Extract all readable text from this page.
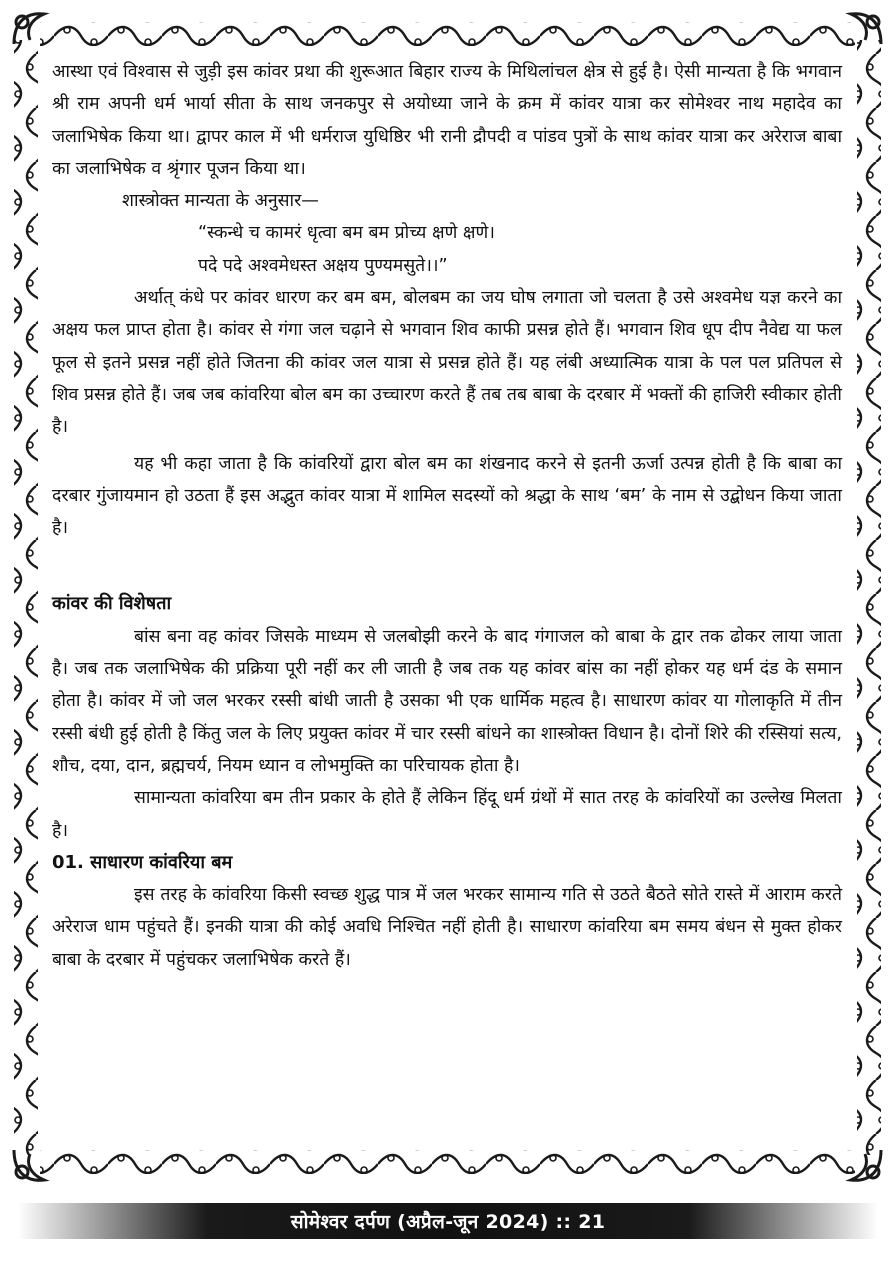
आस्था एवं विश्वास से जुड़ी इस कांवर प्रथा की शुरूआत बिहार राज्य के मिथिलांचल क्षेत्र से हुई है। ऐसी मान्यता है कि भगवान श्री राम अपनी धर्म भार्या सीता के साथ जनकपुर से अयोध्या जाने के क्रम में कांवर यात्रा कर सोमेश्वर नाथ महादेव का जलाभिषेक किया था। द्वापर काल में भी धर्मराज युधिष्ठिर भी रानी द्रौपदी व पांडव पुत्रों के साथ कांवर यात्रा कर अरेराज बाबा का जलाभिषेक व श्रृंगार पूजन किया था।

शास्त्रोक्त मान्यता के अनुसार—

“स्कन्धे च कामरं धृत्वा बम बम प्रोच्य क्षणे क्षणे।

पदे पदे अश्वमेधस्त अक्षय पुण्यमसुते।।”

अर्थात् कंधे पर कांवर धारण कर बम बम, बोलबम का जय घोष लगाता जो चलता है उसे अश्वमेध यज्ञ करने का अक्षय फल प्राप्त होता है। कांवर से गंगा जल चढ़ाने से भगवान शिव काफी प्रसन्न होते हैं। भगवान शिव धूप दीप नैवेद्य या फल फूल से इतने प्रसन्न नहीं होते जितना की कांवर जल यात्रा से प्रसन्न होते हैं। यह लंबी अध्यात्मिक यात्रा के पल पल प्रतिपल से शिव प्रसन्न होते हैं। जब जब कांवरिया बोल बम का उच्चारण करते हैं तब तब बाबा के दरबार में भक्तों की हाजिरी स्वीकार होती है।

यह भी कहा जाता है कि कांवरियों द्वारा बोल बम का शंखनाद करने से इतनी ऊर्जा उत्पन्न होती है कि बाबा का दरबार गुंजायमान हो उठता हैं इस अद्भुत कांवर यात्रा में शामिल सदस्यों को श्रद्धा के साथ ‘बम’ के नाम से उद्बोधन किया जाता है।

कांवर की विशेषता

बांस बना वह कांवर जिसके माध्यम से जलबोझी करने के बाद गंगाजल को बाबा के द्वार तक ढोकर लाया जाता है। जब तक जलाभिषेक की प्रक्रिया पूरी नहीं कर ली जाती है जब तक यह कांवर बांस का नहीं होकर यह धर्म दंड के समान होता है। कांवर में जो जल भरकर रस्सी बांधी जाती है उसका भी एक धार्मिक महत्व है। साधारण कांवर या गोलाकृति में तीन रस्सी बंधी हुई होती है किंतु जल के लिए प्रयुक्त कांवर में चार रस्सी बांधने का शास्त्रोक्त विधान है। दोनों शिरे की रस्सियां सत्य, शौच, दया, दान, ब्रह्मचर्य, नियम ध्यान व लोभमुक्ति का परिचायक होता है।

सामान्यता कांवरिया बम तीन प्रकार के होते हैं लेकिन हिंदू धर्म ग्रंथों में सात तरह के कांवरियों का उल्लेख मिलता है।

01. साधारण कांवरिया बम

इस तरह के कांवरिया किसी स्वच्छ शुद्ध पात्र में जल भरकर सामान्य गति से उठते बैठते सोते रास्ते में आराम करते अरेराज धाम पहुंचते हैं। इनकी यात्रा की कोई अवधि निश्चित नहीं होती है। साधारण कांवरिया बम समय बंधन से मुक्त होकर बाबा के दरबार में पहुंचकर जलाभिषेक करते हैं।

सोमेश्वर दर्पण (अप्रैल-जून 2024) :: 21
